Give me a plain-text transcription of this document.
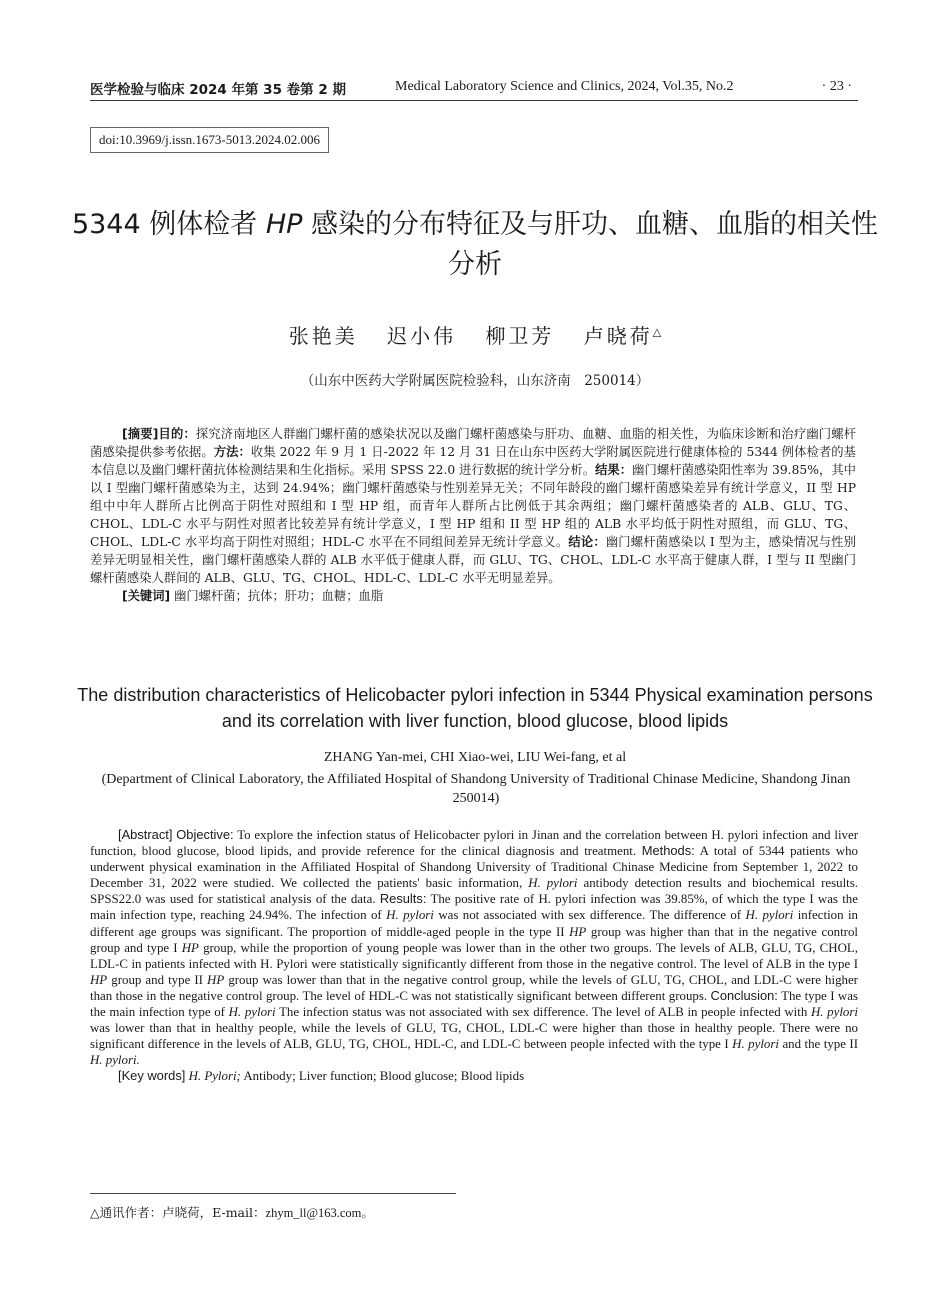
医学检验与临床 2024 年第 35 卷第 2 期	Medical Laboratory Science and Clinics, 2024, Vol.35, No.2	· 23 ·
doi:10.3969/j.issn.1673-5013.2024.02.006
5344 例体检者 HP 感染的分布特征及与肝功、血糖、血脂的相关性分析
张艳美 迟小伟 柳卫芳 卢晓荷△
（山东中医药大学附属医院检验科，山东济南　250014）

[摘要]目的：探究济南地区人群幽门螺杆菌的感染状况以及幽门螺杆菌感染与肝功、血糖、血脂的相关性，为临床诊断和治疗幽门螺杆菌感染提供参考依据。方法：收集 2022 年 9 月 1 日-2022 年 12 月 31 日在山东中医药大学附属医院进行健康体检的 5344 例体检者的基本信息以及幽门螺杆菌抗体检测结果和生化指标。采用 SPSS 22.0 进行数据的统计学分析。结果：幽门螺杆菌感染阳性率为 39.85%，其中以 I 型幽门螺杆菌感染为主，达到 24.94%；幽门螺杆菌感染与性别差异无关；不同年龄段的幽门螺杆菌感染差异有统计学意义，II 型 HP 组中中年人群所占比例高于阴性对照组和 I 型 HP 组，而青年人群所占比例低于其余两组；幽门螺杆菌感染者的 ALB、GLU、TG、CHOL、LDL-C 水平与阴性对照者比较差异有统计学意义，I 型 HP 组和 II 型 HP 组的 ALB 水平均低于阴性对照组，而 GLU、TG、CHOL、LDL-C 水平均高于阴性对照组；HDL-C 水平在不同组间差异无统计学意义。结论：幽门螺杆菌感染以 I 型为主，感染情况与性别差异无明显相关性，幽门螺杆菌感染人群的 ALB 水平低于健康人群，而 GLU、TG、CHOL、LDL-C 水平高于健康人群，I 型与 II 型幽门螺杆菌感染人群间的 ALB、GLU、TG、CHOL、HDL-C、LDL-C 水平无明显差异。

[关键词] 幽门螺杆菌；抗体；肝功；血糖；血脂

The distribution characteristics of Helicobacter pylori infection in 5344 Physical examination persons and its correlation with liver function, blood glucose, blood lipids
ZHANG Yan-mei, CHI Xiao-wei, LIU Wei-fang, et al
(Department of Clinical Laboratory, the Affiliated Hospital of Shandong University of Traditional Chinase Medicine, Shandong Jinan 250014)

[Abstract] Objective: To explore the infection status of Helicobacter pylori in Jinan and the correlation between H. pylori infection and liver function, blood glucose, blood lipids, and provide reference for the clinical diagnosis and treatment. Methods: A total of 5344 patients who underwent physical examination in the Affiliated Hospital of Shandong University of Traditional Chinase Medicine from September 1, 2022 to December 31, 2022 were studied. We collected the patients' basic information, H. pylori antibody detection results and biochemical results. SPSS22.0 was used for statistical analysis of the data. Results: The positive rate of H. pylori infection was 39.85%, of which the type I was the main infection type, reaching 24.94%. The infection of H. pylori was not associated with sex difference. The difference of H. pylori infection in different age groups was significant. The proportion of middle-aged people in the type II HP group was higher than that in the negative control group and type I HP group, while the proportion of young people was lower than in the other two groups. The levels of ALB, GLU, TG, CHOL, LDL-C in patients infected with H. Pylori were statistically significantly different from those in the negative control. The level of ALB in the type I HP group and type II HP group was lower than that in the negative control group, while the levels of GLU, TG, CHOL, and LDL-C were higher than those in the negative control group. The level of HDL-C was not statistically significant between different groups. Conclusion: The type I was the main infection type of H. pylori The infection status was not associated with sex difference. The level of ALB in people infected with H. pylori was lower than that in healthy people, while the levels of GLU, TG, CHOL, LDL-C were higher than those in healthy people. There were no significant difference in the levels of ALB, GLU, TG, CHOL, HDL-C, and LDL-C between people infected with the type I H. pylori and the type II H. pylori.

[Key words] H. Pylori; Antibody; Liver function; Blood glucose; Blood lipids

△通讯作者：卢晓荷，E-mail：zhym_ll@163.com。
